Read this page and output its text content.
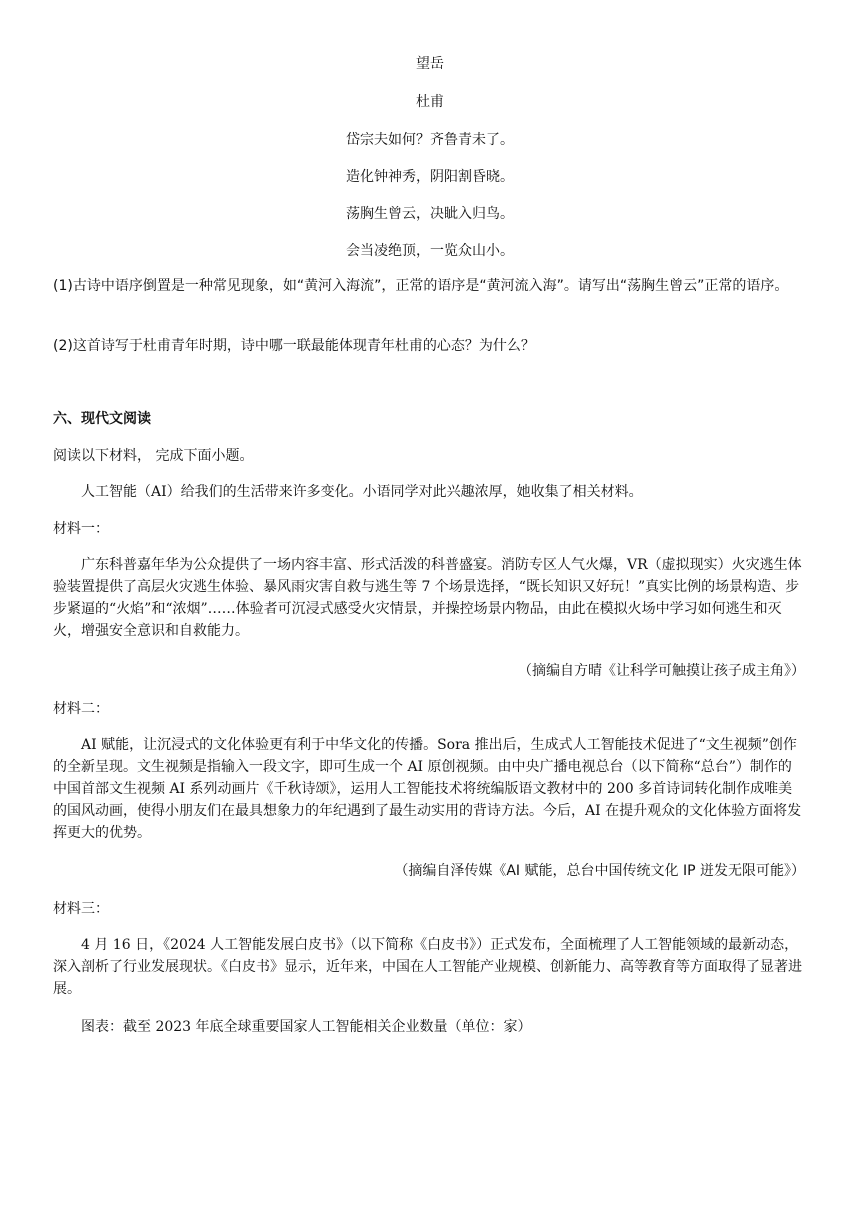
望岳
杜甫
岱宗夫如何？齐鲁青未了。
造化钟神秀，阴阳割昏晓。
荡胸生曾云，决眦入归鸟。
会当凌绝顶，一览众山小。
(1)古诗中语序倒置是一种常见现象，如“黄河入海流”，正常的语序是“黄河流入海”。请写出“荡胸生曾云”正常的语序。
(2)这首诗写于杜甫青年时期，诗中哪一联最能体现青年杜甫的心态？为什么？
六、现代文阅读
阅读以下材料， 完成下面小题。
人工智能（AI）给我们的生活带来许多变化。小语同学对此兴趣浓厚，她收集了相关材料。
材料一：
广东科普嘉年华为公众提供了一场内容丰富、形式活泼的科普盛宴。消防专区人气火爆，VR（虚拟现实）火灾逃生体验装置提供了高层火灾逃生体验、暴风雨灾害自救与逃生等 7 个场景选择，“既长知识又好玩！”真实比例的场景构造、步步紧逼的“火焰”和“浓烟”……体验者可沉浸式感受火灾情景，并操控场景内物品，由此在模拟火场中学习如何逃生和灭火，增强安全意识和自救能力。
（摘编自方晴《让科学可触摸让孩子成主角》）
材料二：
AI 赋能，让沉浸式的文化体验更有利于中华文化的传播。Sora 推出后，生成式人工智能技术促进了“文生视频”创作的全新呈现。文生视频是指输入一段文字，即可生成一个 AI 原创视频。由中央广播电视总台（以下简称“总台”）制作的中国首部文生视频 AI 系列动画片《千秋诗颂》，运用人工智能技术将统编版语文教材中的 200 多首诗词转化制作成唯美的国风动画，使得小朋友们在最具想象力的年纪遇到了最生动实用的背诗方法。今后，AI 在提升观众的文化体验方面将发挥更大的优势。
（摘编自泽传媒《AI 赋能，总台中国传统文化 IP 迸发无限可能》）
材料三：
4 月 16 日，《2024 人工智能发展白皮书》（以下简称《白皮书》）正式发布，全面梳理了人工智能领域的最新动态，深入剖析了行业发展现状。《白皮书》显示，近年来，中国在人工智能产业规模、创新能力、高等教育等方面取得了显著进展。
图表：截至 2023 年底全球重要国家人工智能相关企业数量（单位：家）
